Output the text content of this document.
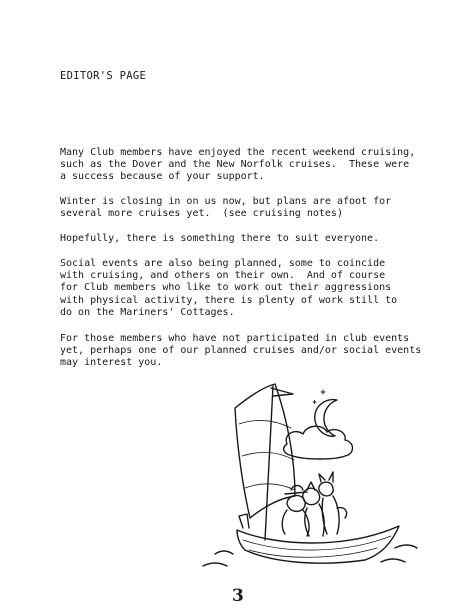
EDITOR'S PAGE
Many Club members have enjoyed the recent weekend cruising,
such as the Dover and the New Norfolk cruises.  These were
a success because of your support.
Winter is closing in on us now, but plans are afoot for
several more cruises yet.  (see cruising notes)
Hopefully, there is something there to suit everyone.
Social events are also being planned, some to coincide
with cruising, and others on their own.  And of course
for Club members who like to work out their aggressions
with physical activity, there is plenty of work still to
do on the Mariners' Cottages.
For those members who have not participated in club events
yet, perhaps one of our planned cruises and/or social events
may interest you.
3
